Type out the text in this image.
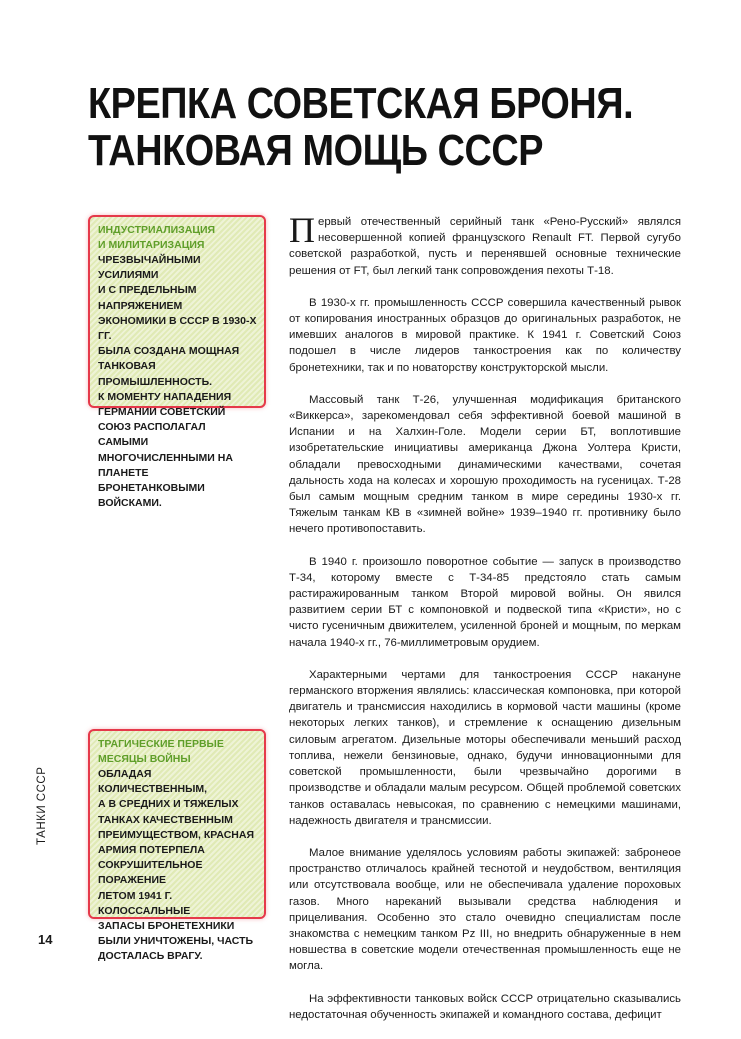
КРЕПКА СОВЕТСКАЯ БРОНЯ.
ТАНКОВАЯ МОЩЬ СССР
ИНДУСТРИАЛИЗАЦИЯ
И МИЛИТАРИЗАЦИЯ
ЧРЕЗВЫЧАЙНЫМИ УСИЛИЯМИ
И С ПРЕДЕЛЬНЫМ НАПРЯЖЕНИЕМ
ЭКОНОМИКИ В СССР В 1930-Х ГГ.
БЫЛА СОЗДАНА МОЩНАЯ
ТАНКОВАЯ ПРОМЫШЛЕННОСТЬ.
К МОМЕНТУ НАПАДЕНИЯ
ГЕРМАНИИ СОВЕТСКИЙ
СОЮЗ РАСПОЛАГАЛ САМЫМИ
МНОГОЧИСЛЕННЫМИ НА ПЛАНЕТЕ
БРОНЕТАНКОВЫМИ ВОЙСКАМИ.
ТРАГИЧЕСКИЕ ПЕРВЫЕ
МЕСЯЦЫ ВОЙНЫ
ОБЛАДАЯ КОЛИЧЕСТВЕННЫМ,
А В СРЕДНИХ И ТЯЖЕЛЫХ
ТАНКАХ КАЧЕСТВЕННЫМ
ПРЕИМУЩЕСТВОМ, КРАСНАЯ
АРМИЯ ПОТЕРПЕЛА
СОКРУШИТЕЛЬНОЕ ПОРАЖЕНИЕ
ЛЕТОМ 1941 Г. КОЛОССАЛЬНЫЕ
ЗАПАСЫ БРОНЕТЕХНИКИ
БЫЛИ УНИЧТОЖЕНЫ, ЧАСТЬ
ДОСТАЛАСЬ ВРАГУ.

Первый отечественный серийный танк «Рено-Русский» являлся несовершенной копией французского Renault FT. Первой сугубо советской разработкой, пусть и перенявшей основные технические решения от FT, был легкий танк сопровождения пехоты Т-18.

В 1930-х гг. промышленность СССР совершила качественный рывок от копирования иностранных образцов до оригинальных разработок, не имевших аналогов в мировой практике. К 1941 г. Советский Союз подошел в числе лидеров танкостроения как по количеству бронетехники, так и по новаторству конструкторской мысли.

Массовый танк Т-26, улучшенная модификация британского «Виккерса», зарекомендовал себя эффективной боевой машиной в Испании и на Халхин-Голе. Модели серии БТ, воплотившие изобретательские инициативы американца Джона Уолтера Кристи, обладали превосходными динамическими качествами, сочетая дальность хода на колесах и хорошую проходимость на гусеницах. Т-28 был самым мощным средним танком в мире середины 1930-х гг. Тяжелым танкам КВ в «зимней войне» 1939–1940 гг. противнику было нечего противопоставить.

В 1940 г. произошло поворотное событие — запуск в производство Т-34, которому вместе с Т-34-85 предстояло стать самым растиражированным танком Второй мировой войны. Он явился развитием серии БТ с компоновкой и подвеской типа «Кристи», но с чисто гусеничным движителем, усиленной броней и мощным, по меркам начала 1940-х гг., 76-миллиметровым орудием.

Характерными чертами для танкостроения СССР накануне германского вторжения являлись: классическая компоновка, при которой двигатель и трансмиссия находились в кормовой части машины (кроме некоторых легких танков), и стремление к оснащению дизельным силовым агрегатом. Дизельные моторы обеспечивали меньший расход топлива, нежели бензиновые, однако, будучи инновационными для советской промышленности, были чрезвычайно дорогими в производстве и обладали малым ресурсом. Общей проблемой советских танков оставалась невысокая, по сравнению с немецкими машинами, надежность двигателя и трансмиссии.

Малое внимание уделялось условиям работы экипажей: забронеое пространство отличалось крайней теснотой и неудобством, вентиляция или отсутствовала вообще, или не обеспечивала удаление пороховых газов. Много нареканий вызывали средства наблюдения и прицеливания. Особенно это стало очевидно специалистам после знакомства с немецким танком Pz III, но внедрить обнаруженные в нем новшества в советские модели отечественная промышленность еще не могла.

На эффективности танковых войск СССР отрицательно сказывались недостаточная обученность экипажей и командного состава, дефицит

ТАНКИ СССР
14
